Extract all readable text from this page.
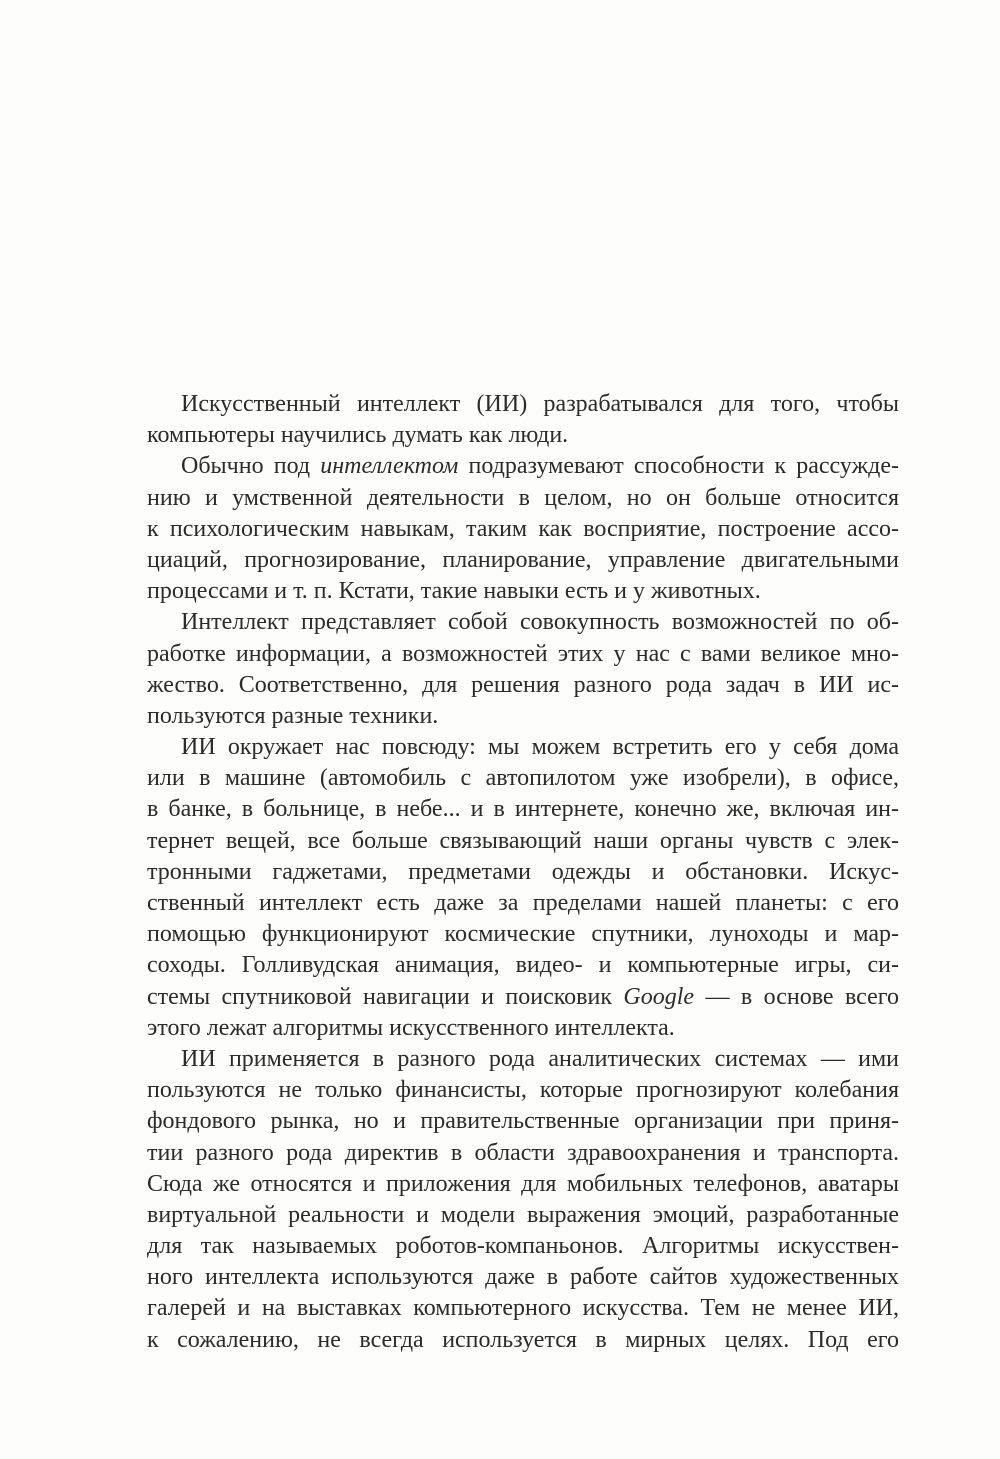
Искусственный интеллект (ИИ) разрабатывался для того, чтобы
компьютеры научились думать как люди.
Обычно под интеллектом подразумевают способности к рассужде-
нию и умственной деятельности в целом, но он больше относится
к психологическим навыкам, таким как восприятие, построение ассо-
циаций, прогнозирование, планирование, управление двигательными
процессами и т. п. Кстати, такие навыки есть и у животных.
Интеллект представляет собой совокупность возможностей по об-
работке информации, а возможностей этих у нас с вами великое мно-
жество. Соответственно, для решения разного рода задач в ИИ ис-
пользуются разные техники.
ИИ окружает нас повсюду: мы можем встретить его у себя дома
или в машине (автомобиль с автопилотом уже изобрели), в офисе,
в банке, в больнице, в небе... и в интернете, конечно же, включая ин-
тернет вещей, все больше связывающий наши органы чувств с элек-
тронными гаджетами, предметами одежды и обстановки. Искус-
ственный интеллект есть даже за пределами нашей планеты: с его
помощью функционируют космические спутники, луноходы и мар-
соходы. Голливудская анимация, видео- и компьютерные игры, си-
стемы спутниковой навигации и поисковик Google — в основе всего
этого лежат алгоритмы искусственного интеллекта.
ИИ применяется в разного рода аналитических системах — ими
пользуются не только финансисты, которые прогнозируют колебания
фондового рынка, но и правительственные организации при приня-
тии разного рода директив в области здравоохранения и транспорта.
Сюда же относятся и приложения для мобильных телефонов, аватары
виртуальной реальности и модели выражения эмоций, разработанные
для так называемых роботов-компаньонов. Алгоритмы искусствен-
ного интеллекта используются даже в работе сайтов художественных
галерей и на выставках компьютерного искусства. Тем не менее ИИ,
к сожалению, не всегда используется в мирных целях. Под его
